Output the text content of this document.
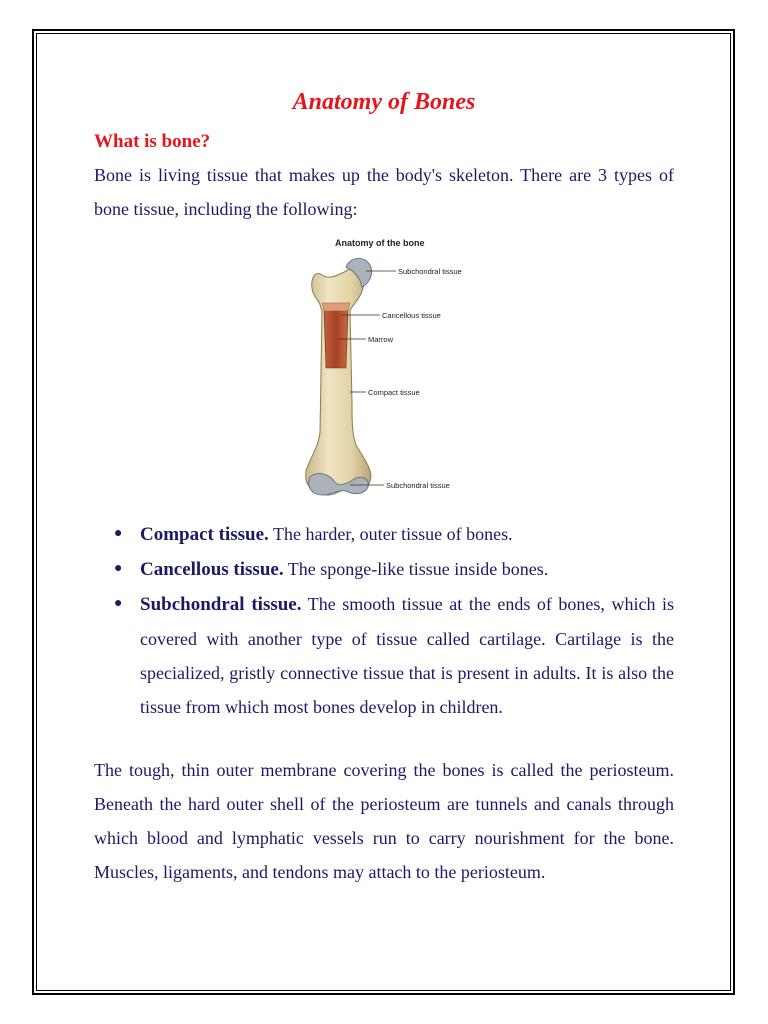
Anatomy of Bones
What is bone?
Bone is living tissue that makes up the body's skeleton. There are 3 types of bone tissue, including the following:
Anatomy of the bone
Subchondral tissue
Cancellous tissue
Marrow
Compact tissue
Subchondral tissue
● Compact tissue. The harder, outer tissue of bones.
● Cancellous tissue. The sponge-like tissue inside bones.
● Subchondral tissue. The smooth tissue at the ends of bones, which is covered with another type of tissue called cartilage. Cartilage is the specialized, gristly connective tissue that is present in adults. It is also the tissue from which most bones develop in children.
The tough, thin outer membrane covering the bones is called the periosteum. Beneath the hard outer shell of the periosteum are tunnels and canals through which blood and lymphatic vessels run to carry nourishment for the bone. Muscles, ligaments, and tendons may attach to the periosteum.
